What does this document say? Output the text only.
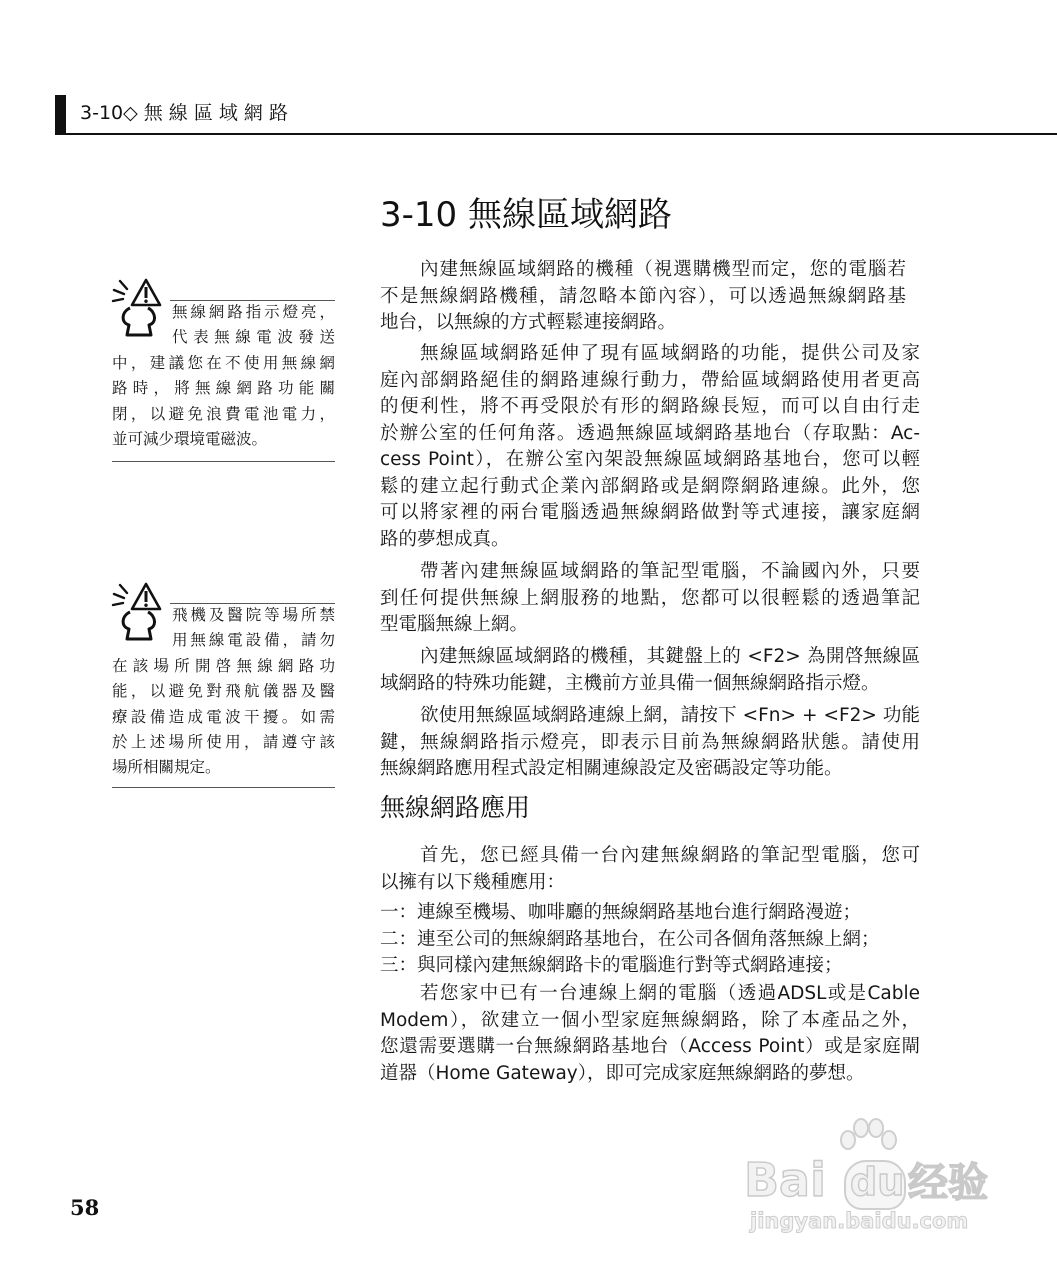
3-10◇ 無 線 區 域 網 路
3-10 無線區域網路
無線網路指示燈亮，
代表無線電波發送
中，建議您在不使用無線網
路時，將無線網路功能關
閉，以避免浪費電池電力，
並可減少環境電磁波。
飛機及醫院等場所禁
用無線電設備，請勿
在該場所開啓無線網路功
能，以避免對飛航儀器及醫
療設備造成電波干擾。如需
於上述場所使用，請遵守該
場所相關規定。
內建無線區域網路的機種（視選購機型而定，您的電腦若
不是無線網路機種，請忽略本節內容），可以透過無線網路基
地台，以無線的方式輕鬆連接網路。
無線區域網路延伸了現有區域網路的功能，提供公司及家
庭內部網路絕佳的網路連線行動力，帶給區域網路使用者更高
的便利性，將不再受限於有形的網路線長短，而可以自由行走
於辦公室的任何角落。透過無線區域網路基地台（存取點：Ac-
cess Point），在辦公室內架設無線區域網路基地台，您可以輕
鬆的建立起行動式企業內部網路或是網際網路連線。此外，您
可以將家裡的兩台電腦透過無線網路做對等式連接，讓家庭網
路的夢想成真。
帶著內建無線區域網路的筆記型電腦，不論國內外，只要
到任何提供無線上網服務的地點，您都可以很輕鬆的透過筆記
型電腦無線上網。
內建無線區域網路的機種，其鍵盤上的 <F2> 為開啓無線區
域網路的特殊功能鍵，主機前方並具備一個無線網路指示燈。
欲使用無線區域網路連線上網，請按下 <Fn> + <F2> 功能
鍵，無線網路指示燈亮，即表示目前為無線網路狀態。請使用
無線網路應用程式設定相關連線設定及密碼設定等功能。
無線網路應用
首先，您已經具備一台內建無線網路的筆記型電腦，您可
以擁有以下幾種應用：
一：連線至機場、咖啡廳的無線網路基地台進行網路漫遊；
二：連至公司的無線網路基地台，在公司各個角落無線上網；
三：與同樣內建無線網路卡的電腦進行對等式網路連接；
若您家中已有一台連線上網的電腦（透過ADSL或是Cable
Modem），欲建立一個小型家庭無線網路，除了本產品之外，
您還需要選購一台無線網路基地台（Access Point）或是家庭閘
道器（Home Gateway），即可完成家庭無線網路的夢想。
58
Bai du 经验
jingyan.baidu.com
